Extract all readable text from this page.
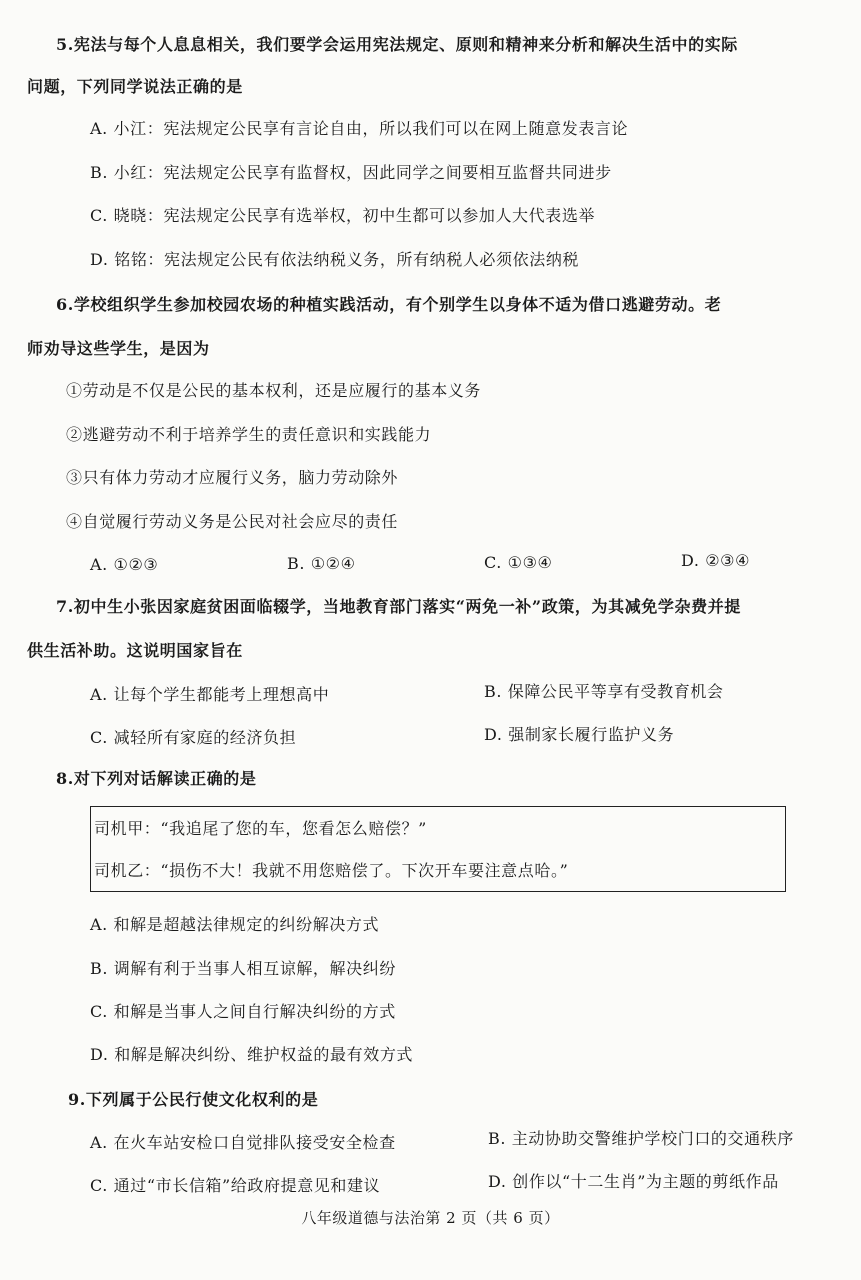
5.宪法与每个人息息相关，我们要学会运用宪法规定、原则和精神来分析和解决生活中的实际
问题，下列同学说法正确的是
A. 小江：宪法规定公民享有言论自由，所以我们可以在网上随意发表言论
B. 小红：宪法规定公民享有监督权，因此同学之间要相互监督共同进步
C. 晓晓：宪法规定公民享有选举权，初中生都可以参加人大代表选举
D. 铭铭：宪法规定公民有依法纳税义务，所有纳税人必须依法纳税
6.学校组织学生参加校园农场的种植实践活动，有个别学生以身体不适为借口逃避劳动。老
师劝导这些学生，是因为
①劳动是不仅是公民的基本权利，还是应履行的基本义务
②逃避劳动不利于培养学生的责任意识和实践能力
③只有体力劳动才应履行义务，脑力劳动除外
④自觉履行劳动义务是公民对社会应尽的责任
A. ①②③	B. ①②④	C. ①③④	D. ②③④
7.初中生小张因家庭贫困面临辍学，当地教育部门落实“两免一补”政策，为其减免学杂费并提
供生活补助。这说明国家旨在
A. 让每个学生都能考上理想高中	B. 保障公民平等享有受教育机会
C. 减轻所有家庭的经济负担	D. 强制家长履行监护义务
8.对下列对话解读正确的是
司机甲：“我追尾了您的车，您看怎么赔偿？”
司机乙：“损伤不大！我就不用您赔偿了。下次开车要注意点哈。”
A. 和解是超越法律规定的纠纷解决方式
B. 调解有利于当事人相互谅解，解决纠纷
C. 和解是当事人之间自行解决纠纷的方式
D. 和解是解决纠纷、维护权益的最有效方式
9.下列属于公民行使文化权利的是
A. 在火车站安检口自觉排队接受安全检查	B. 主动协助交警维护学校门口的交通秩序
C. 通过“市长信箱”给政府提意见和建议	D. 创作以“十二生肖”为主题的剪纸作品
八年级道德与法治第 2 页（共 6 页）
